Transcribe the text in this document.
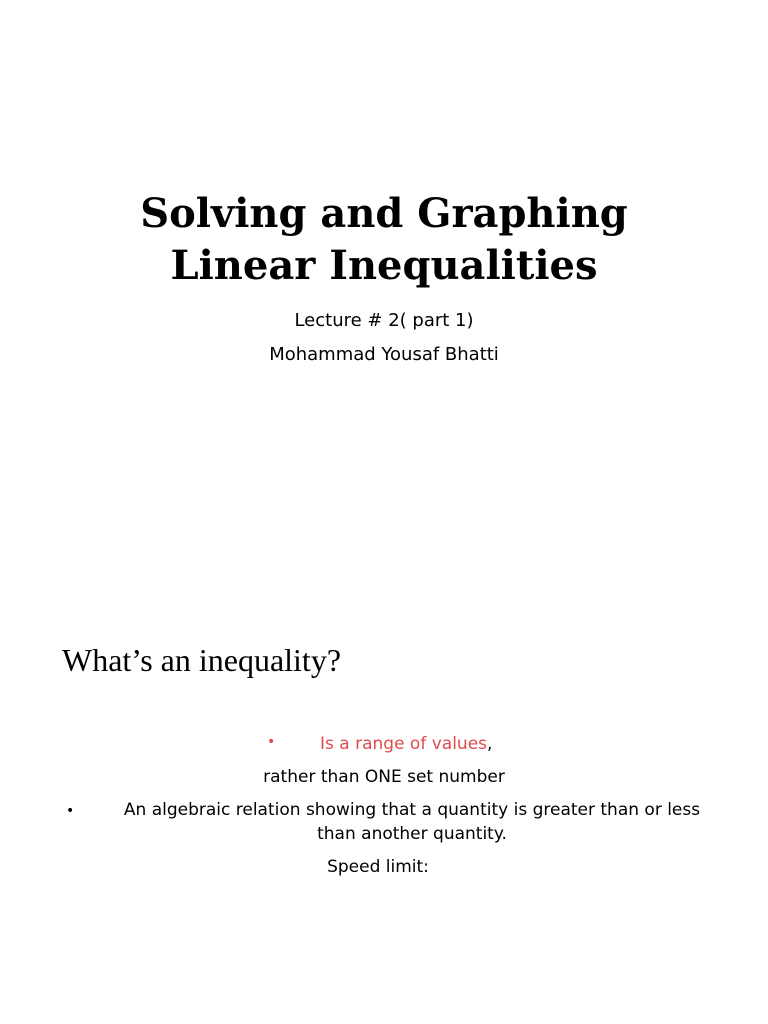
Solving and Graphing
Linear Inequalities
Lecture # 2( part 1)
Mohammad Yousaf Bhatti
What’s an inequality?
•	Is a range of values,
rather than ONE set number
•	An algebraic relation showing that a quantity is greater than or less than another quantity.
Speed limit:
